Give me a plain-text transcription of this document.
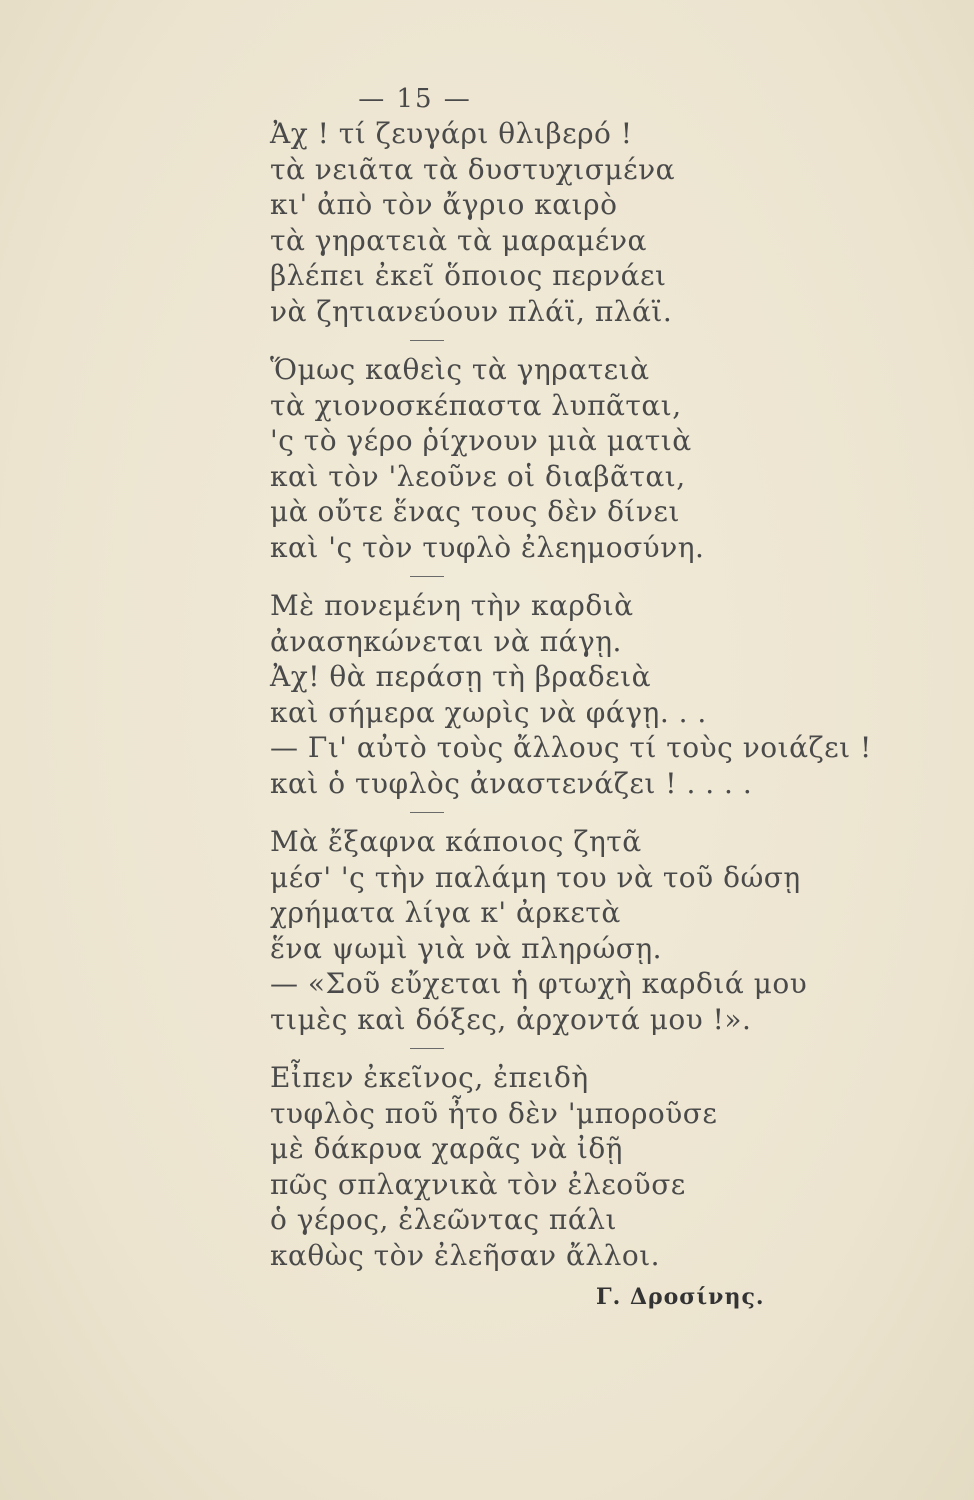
— 15 —
Ἀχ ! τί ζευγάρι θλιβερό !
τὰ νειᾶτα τὰ δυστυχισμένα
κι' ἀπὸ τὸν ἄγριο καιρὸ
τὰ γηρατειὰ τὰ μαραμένα
βλέπει ἐκεῖ ὅποιος περνάει
νὰ ζητιανεύουν πλάϊ, πλάϊ.
Ὅμως καθεὶς τὰ γηρατειὰ
τὰ χιονοσκέπαστα λυπᾶται,
'ς τὸ γέρο ῥίχνουν μιὰ ματιὰ
καὶ τὸν 'λεοῦνε οἱ διαβᾶται,
μὰ οὔτε ἕνας τους δὲν δίνει
καὶ 'ς τὸν τυφλὸ ἐλεημοσύνη.
Μὲ πονεμένη τὴν καρδιὰ
ἀνασηκώνεται νὰ πάγῃ.
Ἀχ! θὰ περάσῃ τὴ βραδειὰ
καὶ σήμερα χωρὶς νὰ φάγῃ. . .
— Γι' αὐτὸ τοὺς ἄλλους τί τοὺς νοιάζει !
καὶ ὁ τυφλὸς ἀναστενάζει ! . . . .
Μὰ ἔξαφνα κάποιος ζητᾶ
μέσ' 'ς τὴν παλάμη του νὰ τοῦ δώσῃ
χρήματα λίγα κ' ἀρκετὰ
ἕνα ψωμὶ γιὰ νὰ πληρώσῃ.
— «Σοῦ εὔχεται ἡ φτωχὴ καρδιά μου
τιμὲς καὶ δόξες, ἀρχοντά μου !».
Εἶπεν ἐκεῖνος, ἐπειδὴ
τυφλὸς ποῦ ἦτο δὲν 'μποροῦσε
μὲ δάκρυα χαρᾶς νὰ ἰδῇ
πῶς σπλαχνικὰ τὸν ἐλεοῦσε
ὁ γέρος, ἐλεῶντας πάλι
καθὼς τὸν ἐλεῆσαν ἄλλοι.
Γ. Δροσίνης.
